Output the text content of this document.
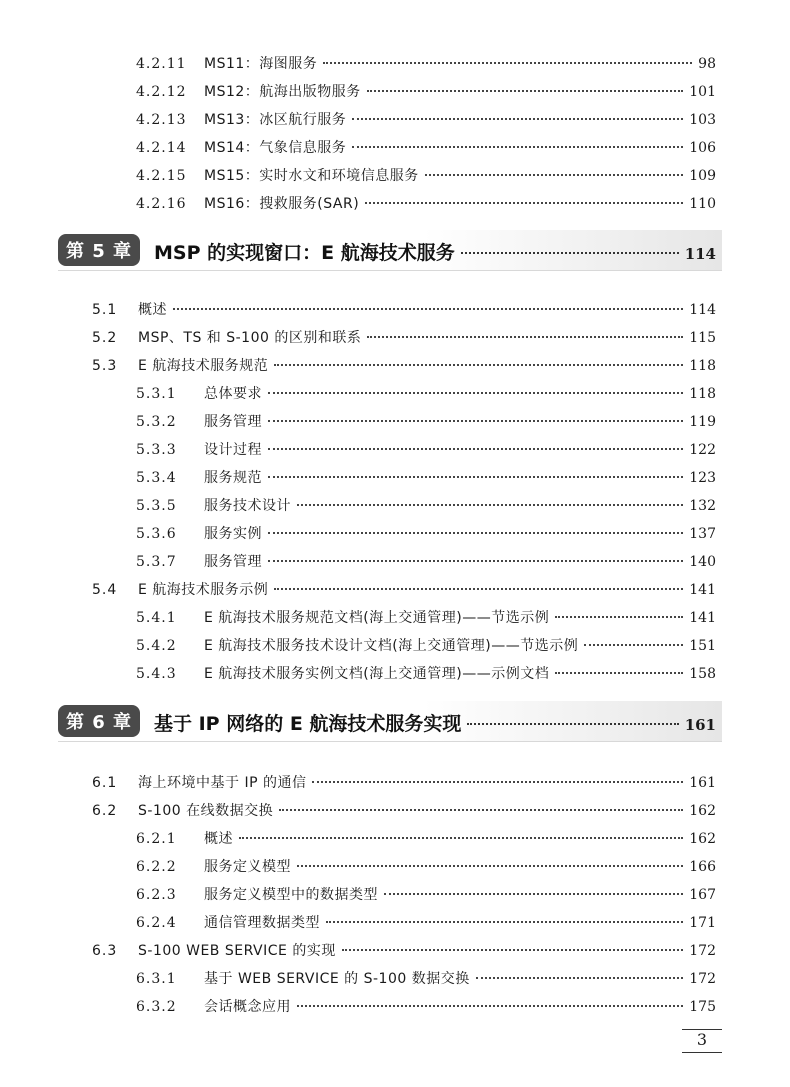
4.2.11	MS11：海图服务	98
4.2.12	MS12：航海出版物服务	101
4.2.13	MS13：冰区航行服务	103
4.2.14	MS14：气象信息服务	106
4.2.15	MS15：实时水文和环境信息服务	109
4.2.16	MS16：搜救服务(SAR)	110
第 5 章	MSP 的实现窗口：E 航海技术服务	114
5.1	概述	114
5.2	MSP、TS 和 S-100 的区别和联系	115
5.3	E 航海技术服务规范	118
5.3.1	总体要求	118
5.3.2	服务管理	119
5.3.3	设计过程	122
5.3.4	服务规范	123
5.3.5	服务技术设计	132
5.3.6	服务实例	137
5.3.7	服务管理	140
5.4	E 航海技术服务示例	141
5.4.1	E 航海技术服务规范文档(海上交通管理)——节选示例	141
5.4.2	E 航海技术服务技术设计文档(海上交通管理)——节选示例	151
5.4.3	E 航海技术服务实例文档(海上交通管理)——示例文档	158
第 6 章	基于 IP 网络的 E 航海技术服务实现	161
6.1	海上环境中基于 IP 的通信	161
6.2	S-100 在线数据交换	162
6.2.1	概述	162
6.2.2	服务定义模型	166
6.2.3	服务定义模型中的数据类型	167
6.2.4	通信管理数据类型	171
6.3	S-100 WEB SERVICE 的实现	172
6.3.1	基于 WEB SERVICE 的 S-100 数据交换	172
6.3.2	会话概念应用	175
3
